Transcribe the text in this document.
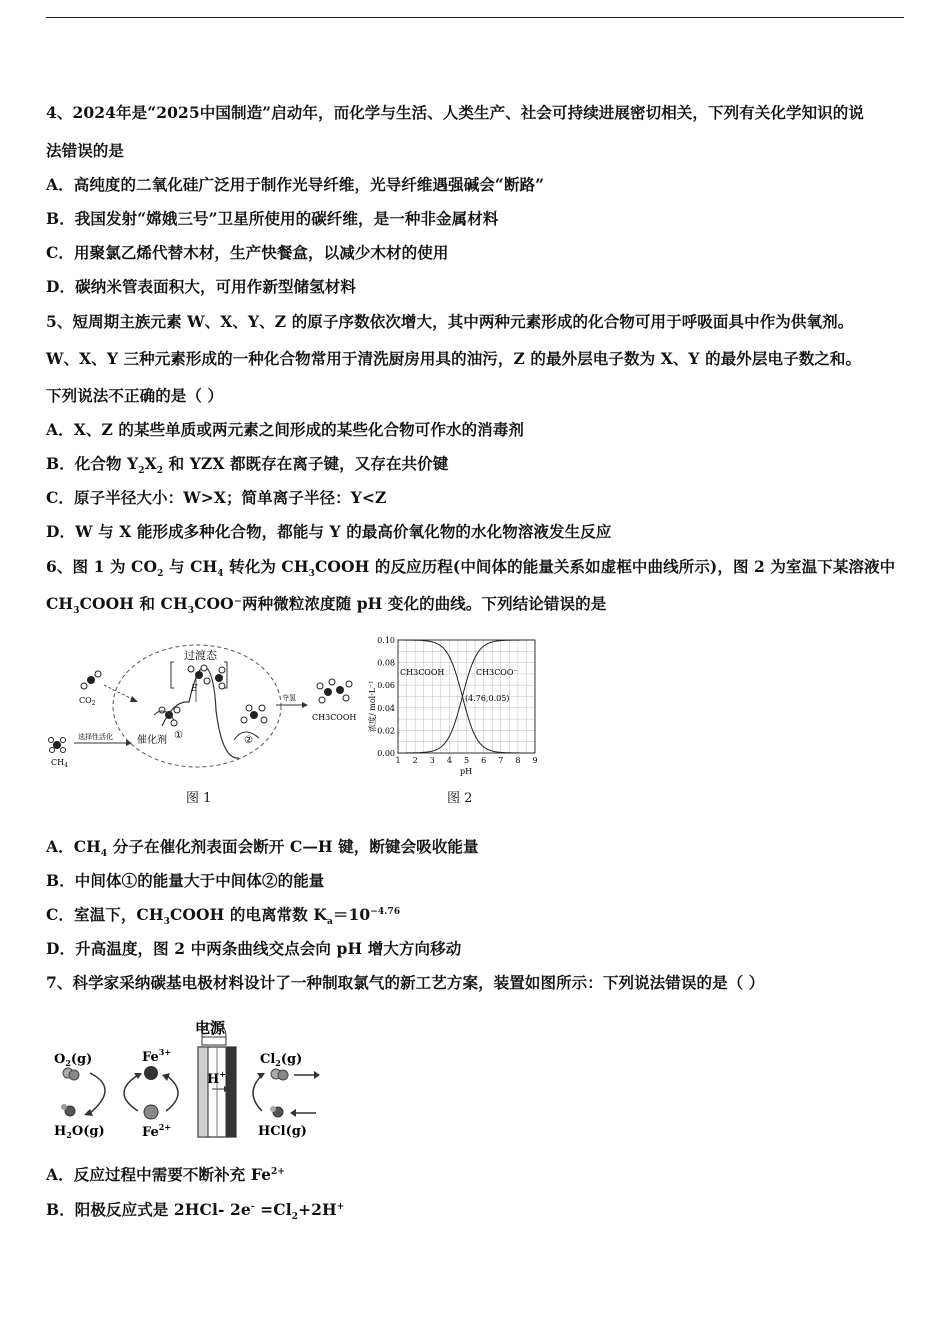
4、2024年是“2025中国制造”启动年，而化学与生活、人类生产、社会可持续进展密切相关，下列有关化学知识的说
法错误的是
A．高纯度的二氧化硅广泛用于制作光导纤维，光导纤维遇强碱会“断路”
B．我国发射“嫦娥三号”卫星所使用的碳纤维，是一种非金属材料
C．用聚氯乙烯代替木材，生产快餐盒，以减少木材的使用
D．碳纳米管表面积大，可用作新型储氢材料
5、短周期主族元素 W、X、Y、Z 的原子序数依次增大，其中两种元素形成的化合物可用于呼吸面具中作为供氧剂。
W、X、Y 三种元素形成的一种化合物常用于清洗厨房用具的油污，Z 的最外层电子数为 X、Y 的最外层电子数之和。
下列说法不正确的是（ ）
A．X、Z 的某些单质或两元素之间形成的某些化合物可作水的消毒剂
B．化合物 $Y_2X_2$ 和 YZX 都既存在离子键，又存在共价键
C．原子半径大小：W>X；简单离子半径：Y<Z
D．W 与 X 能形成多种化合物，都能与 Y 的最高价氧化物的水化物溶液发生反应
6、图 1 为 $CO_2$ 与 $CH_4$ 转化为 $CH_3COOH$ 的反应历程(中间体的能量关系如虚框中曲线所示)，图 2 为室温下某溶液中
$CH_3COOH$ 和 $CH_3COO^-$两种微粒浓度随 pH 变化的曲线。下列结论错误的是
过渡态
E
$CO_2$
$CH_4$
选择性活化	①
催化剂	②
夺氢
CH3COOH
图 1
0.10
0.08
0.06
0.04
0.02
0.00
1 2 3 4 5 6 7 8 9
CH3COOH	CH3COO⁻
(4.76,0.05)
浓度/ mol·L⁻¹
pH
图 2
A．$CH_4$ 分子在催化剂表面会断开 C—H 键，断键会吸收能量
B．中间体①的能量大于中间体②的能量
C．室温下，$CH_3COOH$ 的电离常数 $K_a=10^{-4.76}$
D．升高温度，图 2 中两条曲线交点会向 pH 增大方向移动
7、科学家采纳碳基电极材料设计了一种制取氯气的新工艺方案，装置如图所示：下列说法错误的是（ ）
电源
H+
$O_2(g)$
$H_2O(g)$
$Fe^{3+}$
$Fe^{2+}$
$Cl_2(g)$
HCl(g)
A．反应过程中需要不断补充 $Fe^{2+}$
B．阳极反应式是 2HCl- $2e^- =Cl_2+2H^+$
